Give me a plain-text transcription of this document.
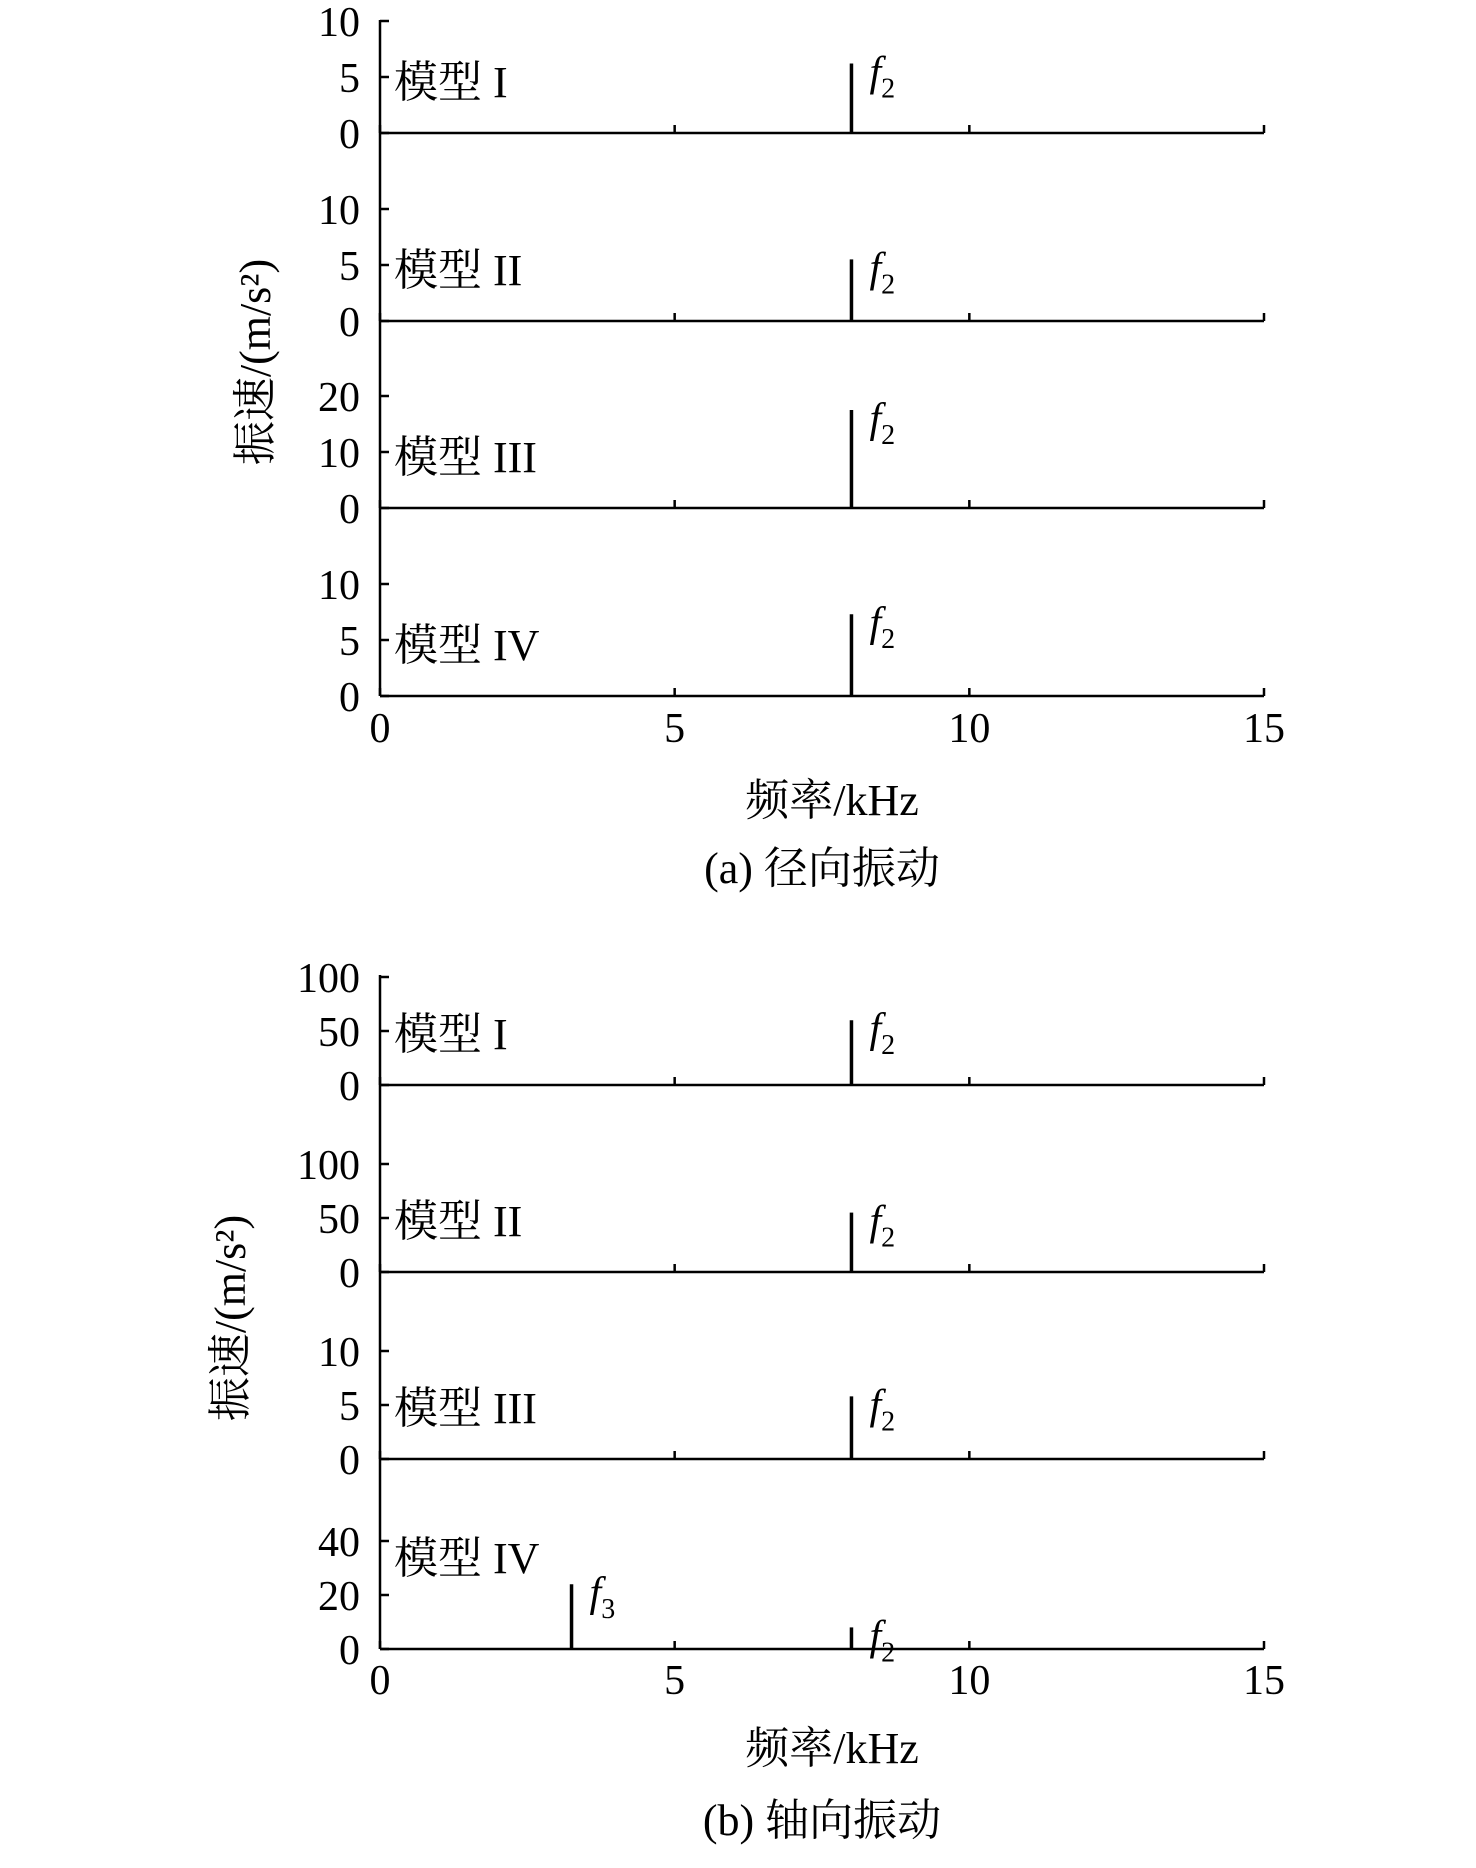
0
5
10
模型 I	$f_2$
0
5
10
模型 II	$f_2$
0
10
20
模型 III
$f_2$
0
5
10
模型 IV	$f_2$
0	5	10	15
频率/kHz
振速/(m/s²)
(a) 径向振动
0
50
100
模型 I	$f_2$
0
50
100
模型 II	$f_2$
0
5
10
模型 III	$f_2$
0
20
40 模型 IV
$f_3$
$f_2$
0	5	10	15
频率/kHz
振速/(m/s²)
(b) 轴向振动
